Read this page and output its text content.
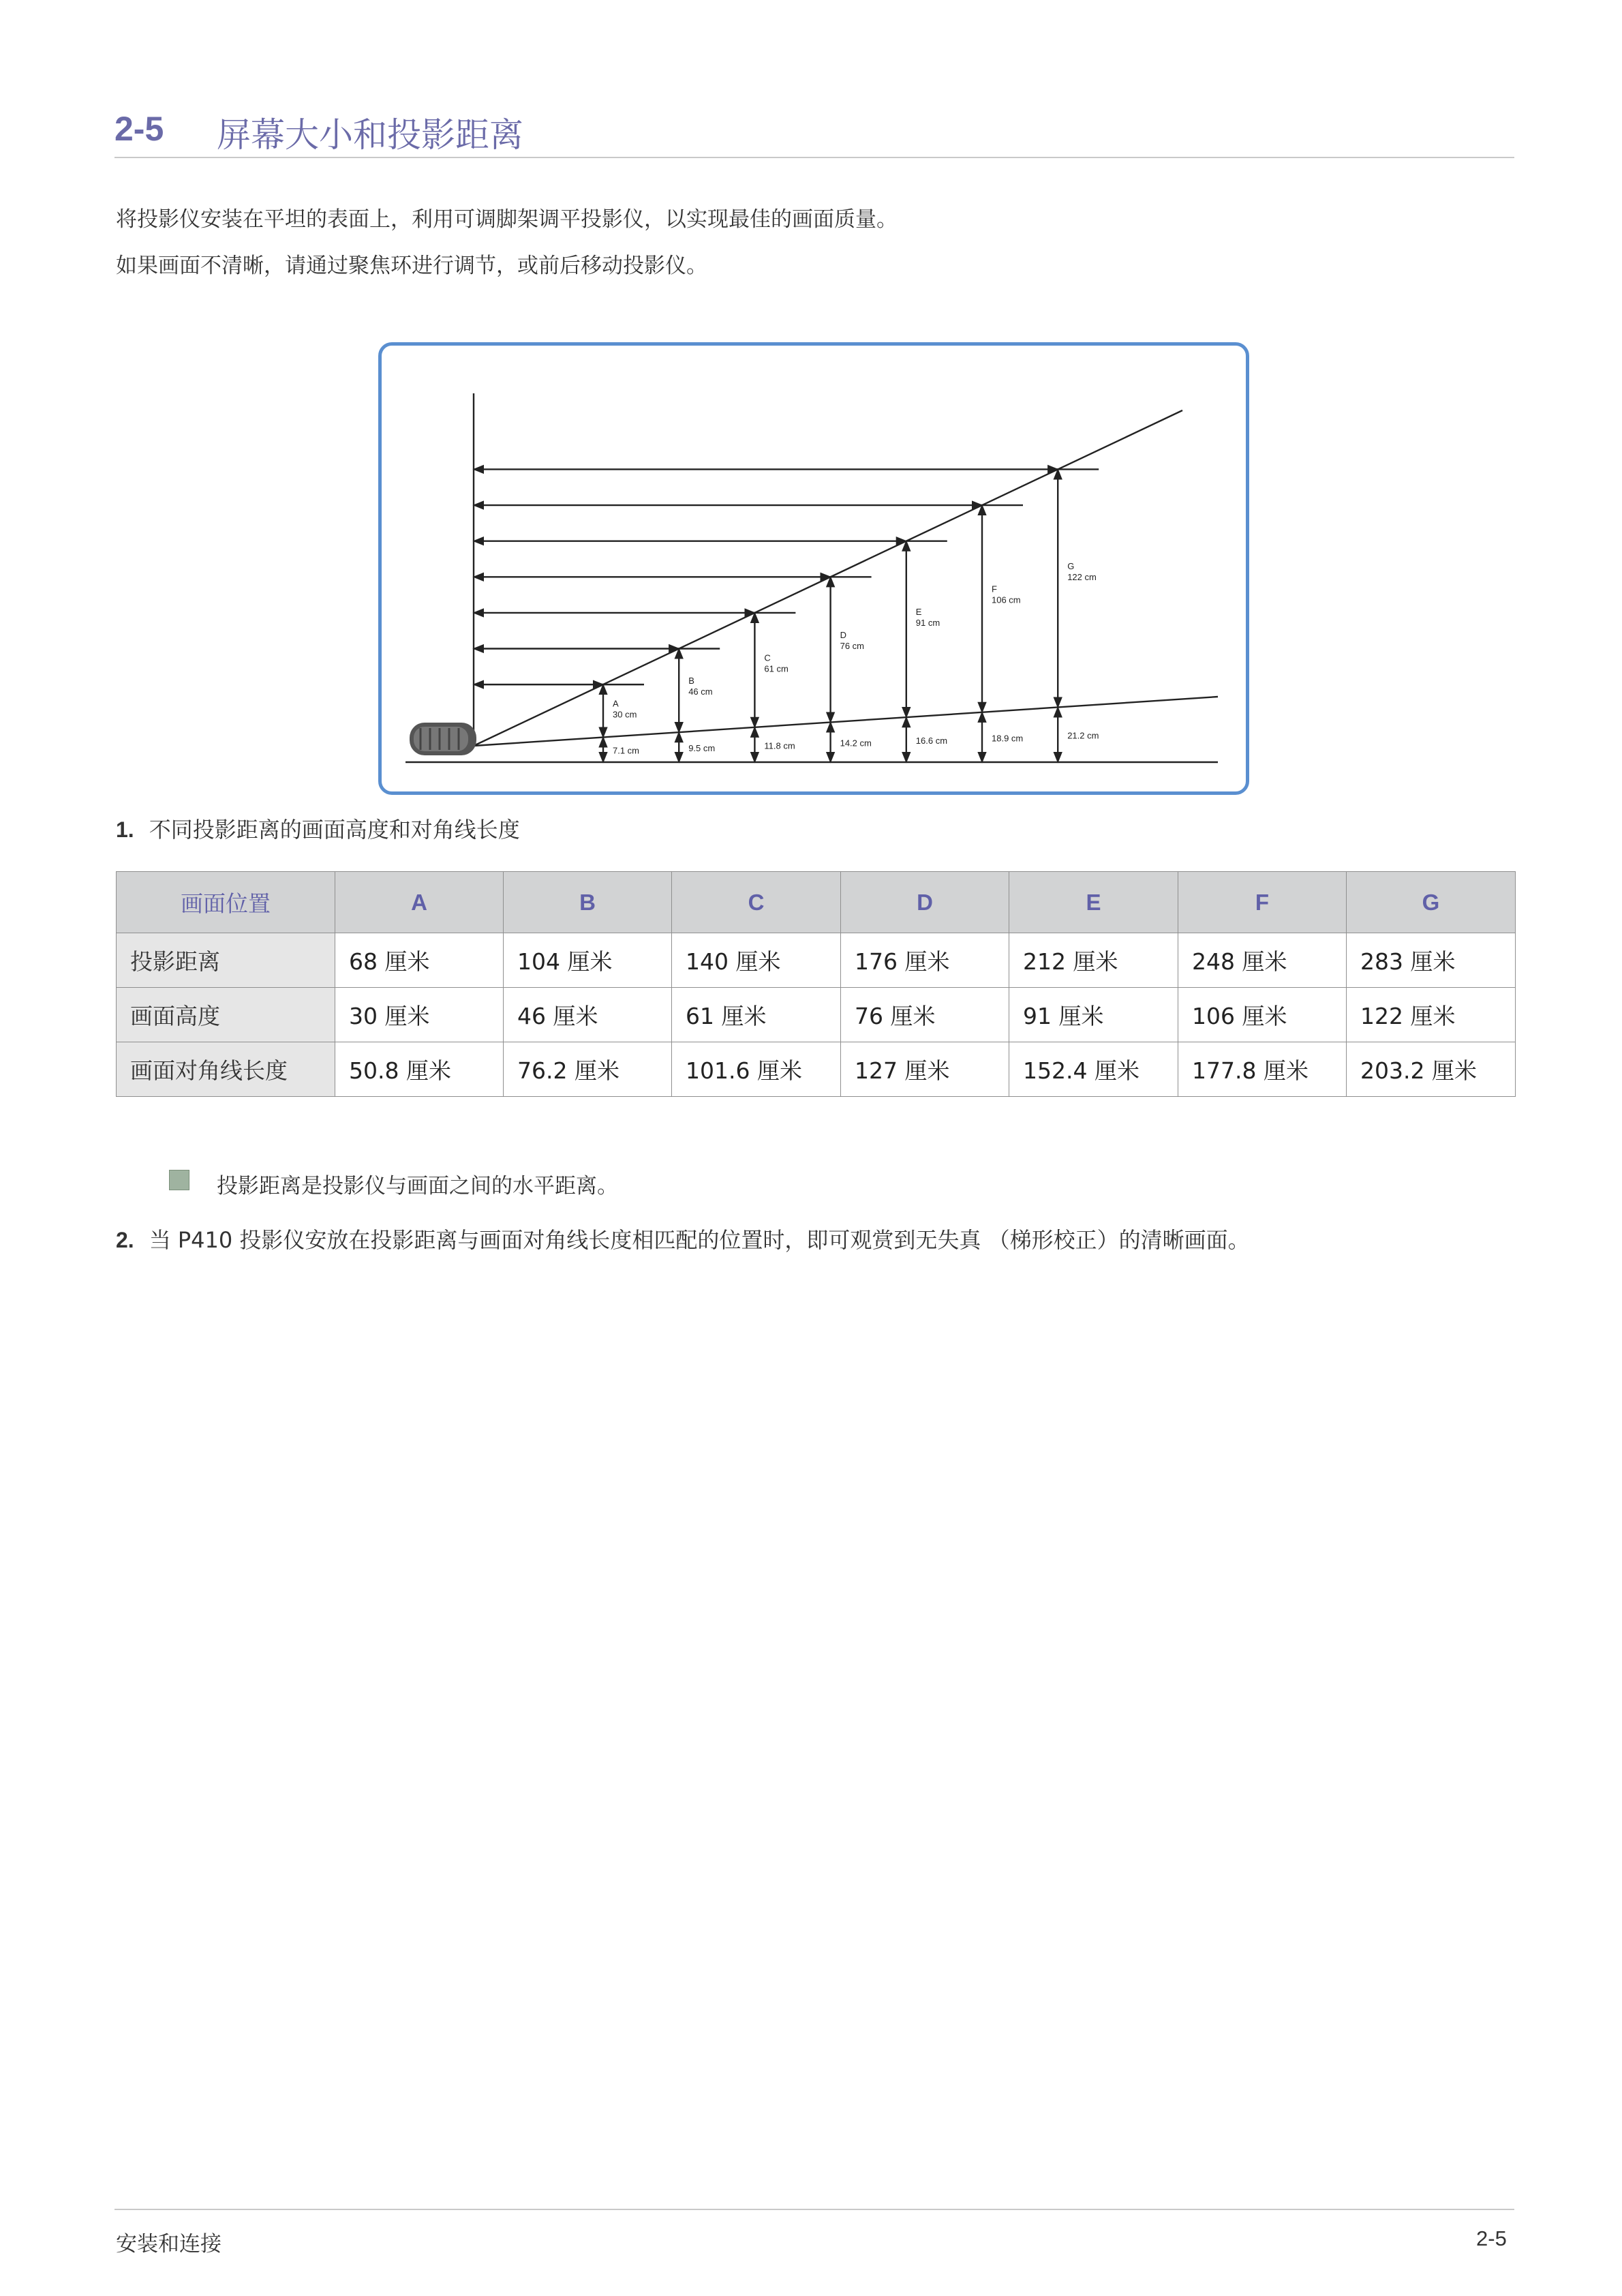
2-5 屏幕大小和投影距离
将投影仪安装在平坦的表面上，利用可调脚架调平投影仪，以实现最佳的画面质量。
如果画面不清晰，请通过聚焦环进行调节，或前后移动投影仪。
A
30 cm
7.1 cm
B
46 cm
9.5 cm
C
61 cm
11.8 cm
D
76 cm
14.2 cm
E
91 cm
16.6 cm
F
106 cm
18.9 cm
G
122 cm
21.2 cm
1. 不同投影距离的画面高度和对角线长度
画面位置	A	B	C	D	E	F	G
投影距离	68 厘米	104 厘米	140 厘米	176 厘米	212 厘米	248 厘米	283 厘米
画面高度	30 厘米	46 厘米	61 厘米	76 厘米	91 厘米	106 厘米	122 厘米
画面对角线长度	50.8 厘米	76.2 厘米	101.6 厘米	127 厘米	152.4 厘米	177.8 厘米	203.2 厘米
投影距离是投影仪与画面之间的水平距离。
2. 当 P410 投影仪安放在投影距离与画面对角线长度相匹配的位置时，即可观赏到无失真 （梯形校正）的清晰画面。
安装和连接	2-5
